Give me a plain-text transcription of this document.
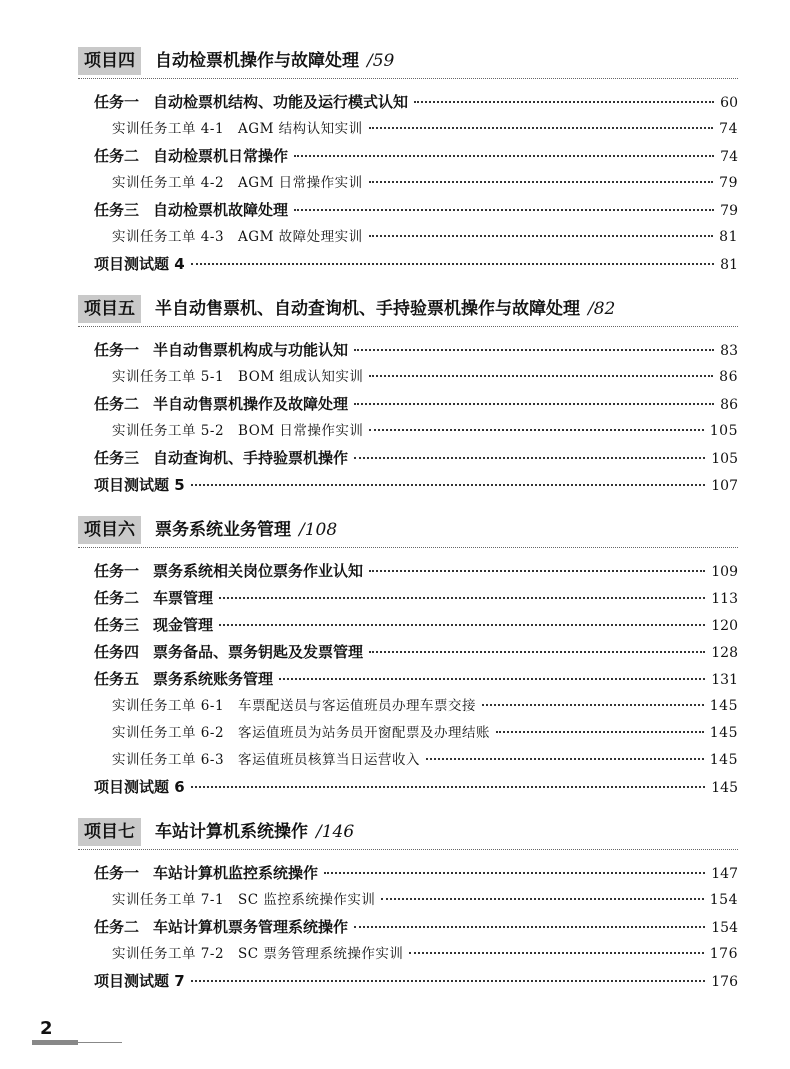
项目四	自动检票机操作与故障处理 /59
任务一 自动检票机结构、功能及运行模式认知	60
实训任务工单 4-1 AGM 结构认知实训	74
任务二 自动检票机日常操作	74
实训任务工单 4-2 AGM 日常操作实训	79
任务三 自动检票机故障处理	79
实训任务工单 4-3 AGM 故障处理实训	81
项目测试题 4	81
项目五	半自动售票机、自动查询机、手持验票机操作与故障处理 /82
任务一 半自动售票机构成与功能认知	83
实训任务工单 5-1 BOM 组成认知实训	86
任务二 半自动售票机操作及故障处理	86
实训任务工单 5-2 BOM 日常操作实训	105
任务三 自动查询机、手持验票机操作	105
项目测试题 5	107
项目六	票务系统业务管理 /108
任务一 票务系统相关岗位票务作业认知	109
任务二 车票管理	113
任务三 现金管理	120
任务四 票务备品、票务钥匙及发票管理	128
任务五 票务系统账务管理	131
实训任务工单 6-1 车票配送员与客运值班员办理车票交接	145
实训任务工单 6-2 客运值班员为站务员开窗配票及办理结账	145
实训任务工单 6-3 客运值班员核算当日运营收入	145
项目测试题 6	145
项目七	车站计算机系统操作 /146
任务一 车站计算机监控系统操作	147
实训任务工单 7-1 SC 监控系统操作实训	154
任务二 车站计算机票务管理系统操作	154
实训任务工单 7-2 SC 票务管理系统操作实训	176
项目测试题 7	176
2
